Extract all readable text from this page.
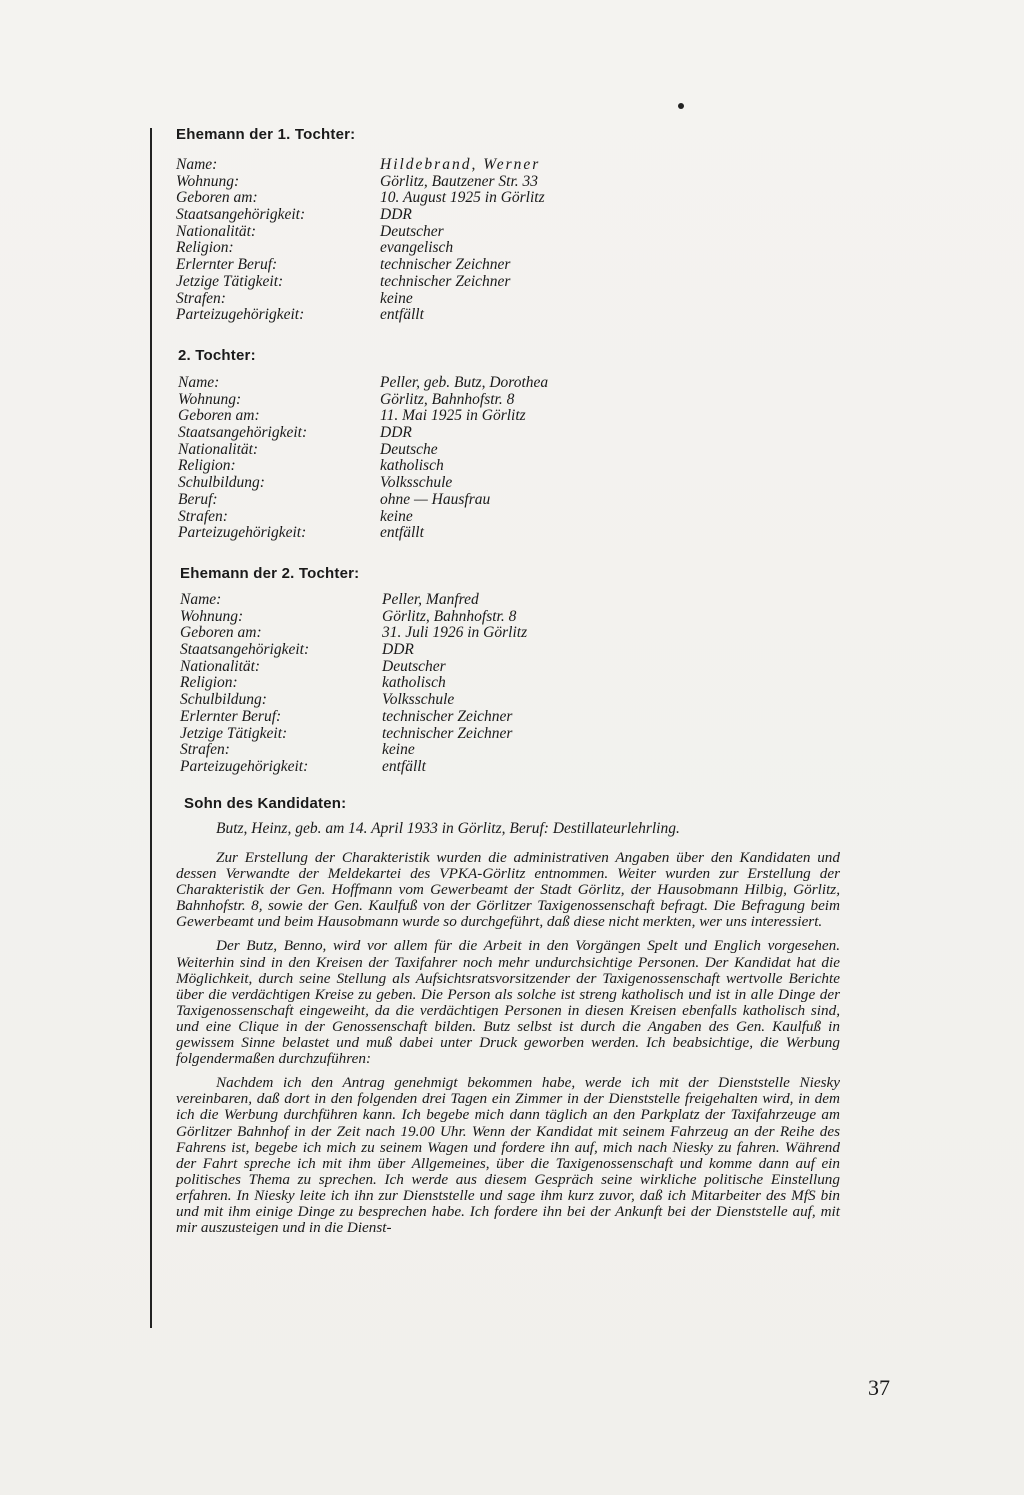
Ehemann der 1. Tochter:
Name:	Hildebrand, Werner
Wohnung:	Görlitz, Bautzener Str. 33
Geboren am:	10. August 1925 in Görlitz
Staatsangehörigkeit:	DDR
Nationalität:	Deutscher
Religion:	evangelisch
Erlernter Beruf:	technischer Zeichner
Jetzige Tätigkeit:	technischer Zeichner
Strafen:	keine
Parteizugehörigkeit:	entfällt
2. Tochter:
Name:	Peller, geb. Butz, Dorothea
Wohnung:	Görlitz, Bahnhofstr. 8
Geboren am:	11. Mai 1925 in Görlitz
Staatsangehörigkeit:	DDR
Nationalität:	Deutsche
Religion:	katholisch
Schulbildung:	Volksschule
Beruf:	ohne — Hausfrau
Strafen:	keine
Parteizugehörigkeit:	entfällt
Ehemann der 2. Tochter:
Name:	Peller, Manfred
Wohnung:	Görlitz, Bahnhofstr. 8
Geboren am:	31. Juli 1926 in Görlitz
Staatsangehörigkeit:	DDR
Nationalität:	Deutscher
Religion:	katholisch
Schulbildung:	Volksschule
Erlernter Beruf:	technischer Zeichner
Jetzige Tätigkeit:	technischer Zeichner
Strafen:	keine
Parteizugehörigkeit:	entfällt
Sohn des Kandidaten:
Butz, Heinz, geb. am 14. April 1933 in Görlitz, Beruf: Destillateurlehrling.

Zur Erstellung der Charakteristik wurden die administrativen Angaben über den Kandidaten und dessen Verwandte der Meldekartei des VPKA-Görlitz entnommen. Weiter wurden zur Erstellung der Charakteristik der Gen. Hoffmann vom Gewerbeamt der Stadt Görlitz, der Hausobmann Hilbig, Görlitz, Bahnhofstr. 8, sowie der Gen. Kaulfuß von der Görlitzer Taxigenossenschaft befragt. Die Befragung beim Gewerbeamt und beim Hausobmann wurde so durchgeführt, daß diese nicht merkten, wer uns interessiert.

Der Butz, Benno, wird vor allem für die Arbeit in den Vorgängen Spelt und Englich vorgesehen. Weiterhin sind in den Kreisen der Taxifahrer noch mehr undurchsichtige Personen. Der Kandidat hat die Möglichkeit, durch seine Stellung als Aufsichtsratsvorsitzender der Taxigenossenschaft wertvolle Berichte über die verdächtigen Kreise zu geben. Die Person als solche ist streng katholisch und ist in alle Dinge der Taxigenossenschaft eingeweiht, da die verdächtigen Personen in diesen Kreisen ebenfalls katholisch sind, und eine Clique in der Genossenschaft bilden. Butz selbst ist durch die Angaben des Gen. Kaulfuß in gewissem Sinne belastet und muß dabei unter Druck geworben werden. Ich beabsichtige, die Werbung folgendermaßen durchzuführen:

Nachdem ich den Antrag genehmigt bekommen habe, werde ich mit der Dienststelle Niesky vereinbaren, daß dort in den folgenden drei Tagen ein Zimmer in der Dienststelle freigehalten wird, in dem ich die Werbung durchführen kann. Ich begebe mich dann täglich an den Parkplatz der Taxifahrzeuge am Görlitzer Bahnhof in der Zeit nach 19.00 Uhr. Wenn der Kandidat mit seinem Fahrzeug an der Reihe des Fahrens ist, begebe ich mich zu seinem Wagen und fordere ihn auf, mich nach Niesky zu fahren. Während der Fahrt spreche ich mit ihm über Allgemeines, über die Taxigenossenschaft und komme dann auf ein politisches Thema zu sprechen. Ich werde aus diesem Gespräch seine wirkliche politische Einstellung erfahren. In Niesky leite ich ihn zur Dienststelle und sage ihm kurz zuvor, daß ich Mitarbeiter des MfS bin und mit ihm einige Dinge zu besprechen habe. Ich fordere ihn bei der Ankunft bei der Dienststelle auf, mit mir auszusteigen und in die Dienst-

37
